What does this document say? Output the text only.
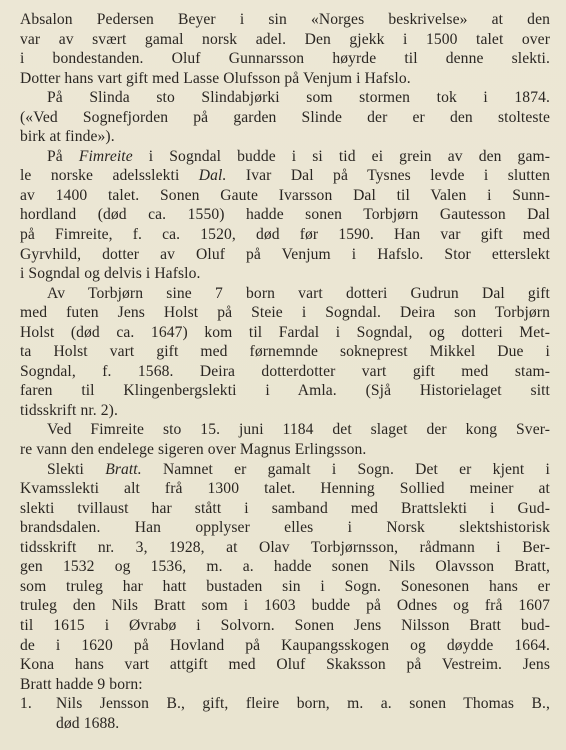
Absalon Pedersen Beyer i sin «Norges beskrivelse» at den
var av svært gamal norsk adel. Den gjekk i 1500 talet over
i bondestanden. Oluf Gunnarsson høyrde til denne slekti.
Dotter hans vart gift med Lasse Olufsson på Venjum i Hafslo.
På Slinda sto Slindabjørki som stormen tok i 1874.
(«Ved Sognefjorden på garden Slinde der er den stolteste
birk at finde»).
På Fimreite i Sogndal budde i si tid ei grein av den gam-
le norske adelsslekti Dal. Ivar Dal på Tysnes levde i slutten
av 1400 talet. Sonen Gaute Ivarsson Dal til Valen i Sunn-
hordland (død ca. 1550) hadde sonen Torbjørn Gautesson Dal
på Fimreite, f. ca. 1520, død før 1590. Han var gift med
Gyrvhild, dotter av Oluf på Venjum i Hafslo. Stor etterslekt
i Sogndal og delvis i Hafslo.
Av Torbjørn sine 7 born vart dotteri Gudrun Dal gift
med futen Jens Holst på Steie i Sogndal. Deira son Torbjørn
Holst (død ca. 1647) kom til Fardal i Sogndal, og dotteri Met-
ta Holst vart gift med førnemnde sokneprest Mikkel Due i
Sogndal, f. 1568. Deira dotterdotter vart gift med stam-
faren til Klingenbergslekti i Amla. (Sjå Historielaget sitt
tidsskrift nr. 2).
Ved Fimreite sto 15. juni 1184 det slaget der kong Sver-
re vann den endelege sigeren over Magnus Erlingsson.
Slekti Bratt. Namnet er gamalt i Sogn. Det er kjent i
Kvamsslekti alt frå 1300 talet. Henning Sollied meiner at
slekti tvillaust har stått i samband med Brattslekti i Gud-
brandsdalen. Han opplyser elles i Norsk slektshistorisk
tidsskrift nr. 3, 1928, at Olav Torbjørnsson, rådmann i Ber-
gen 1532 og 1536, m. a. hadde sonen Nils Olavsson Bratt,
som truleg har hatt bustaden sin i Sogn. Sonesonen hans er
truleg den Nils Bratt som i 1603 budde på Odnes og frå 1607
til 1615 i Øvrabø i Solvorn. Sonen Jens Nilsson Bratt bud-
de i 1620 på Hovland på Kaupangsskogen og døydde 1664.
Kona hans vart attgift med Oluf Skaksson på Vestreim. Jens
Bratt hadde 9 born:
1. Nils Jensson B., gift, fleire born, m. a. sonen Thomas B.,
død 1688.
